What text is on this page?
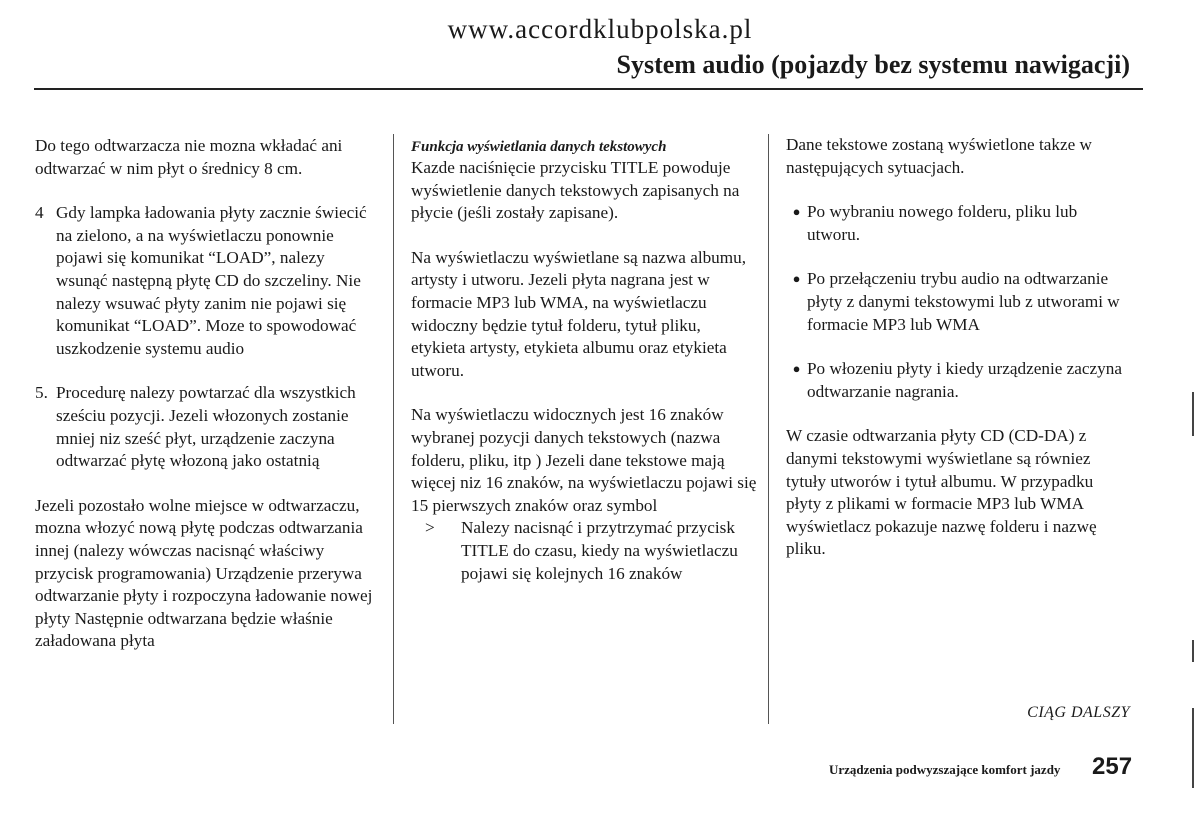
www.accordklubpolska.pl
System audio (pojazdy bez systemu nawigacji)

Do tego odtwarzacza nie mozna wkładać ani odtwarzać w nim płyt o średnicy 8 cm.

4 Gdy lampka ładowania płyty zacznie świecić na zielono, a na wyświetlaczu ponownie pojawi się komunikat “LOAD”, nalezy wsunąć następną płytę CD do szczeliny. Nie nalezy wsuwać płyty zanim nie pojawi się komunikat “LOAD”. Moze to spowodować uszkodzenie systemu audio
5. Procedurę nalezy powtarzać dla wszystkich sześciu pozycji. Jezeli włozonych zostanie mniej niz sześć płyt, urządzenie zaczyna odtwarzać płytę włozoną jako ostatnią

Jezeli pozostało wolne miejsce w odtwarzaczu, mozna włozyć nową płytę podczas odtwarzania innej (nalezy wówczas nacisnąć właściwy przycisk programowania) Urządzenie przerywa odtwarzanie płyty i rozpoczyna ładowanie nowej płyty Następnie odtwarzana będzie właśnie załadowana płyta

Funkcja wyświetlania danych tekstowych

Kazde naciśnięcie przycisku TITLE powoduje wyświetlenie danych tekstowych zapisanych na płycie (jeśli zostały zapisane).

Na wyświetlaczu wyświetlane są nazwa albumu, artysty i utworu. Jezeli płyta nagrana jest w formacie MP3 lub WMA, na wyświetlaczu widoczny będzie tytuł folderu, tytuł pliku, etykieta artysty, etykieta albumu oraz etykieta utworu.

Na wyświetlaczu widocznych jest 16 znaków wybranej pozycji danych tekstowych (nazwa folderu, pliku, itp ) Jezeli dane tekstowe mają więcej niz 16 znaków, na wyświetlaczu pojawi się 15 pierwszych znaków oraz symbol
>	Nalezy nacisnąć i przytrzymać przycisk TITLE do czasu, kiedy na wyświetlaczu pojawi się kolejnych 16 znaków

Dane tekstowe zostaną wyświetlone takze w następujących sytuacjach.

● Po wybraniu nowego folderu, pliku lub utworu.
● Po przełączeniu trybu audio na odtwarzanie płyty z danymi tekstowymi lub z utworami w formacie MP3 lub WMA
● Po włozeniu płyty i kiedy urządzenie zaczyna odtwarzanie nagrania.

W czasie odtwarzania płyty CD (CD-DA) z danymi tekstowymi wyświetlane są równiez tytuły utworów i tytuł albumu. W przypadku płyty z plikami w formacie MP3 lub WMA wyświetlacz pokazuje nazwę folderu i nazwę pliku.

CIĄG DALSZY
Urządzenia podwyzszające komfort jazdy 257
